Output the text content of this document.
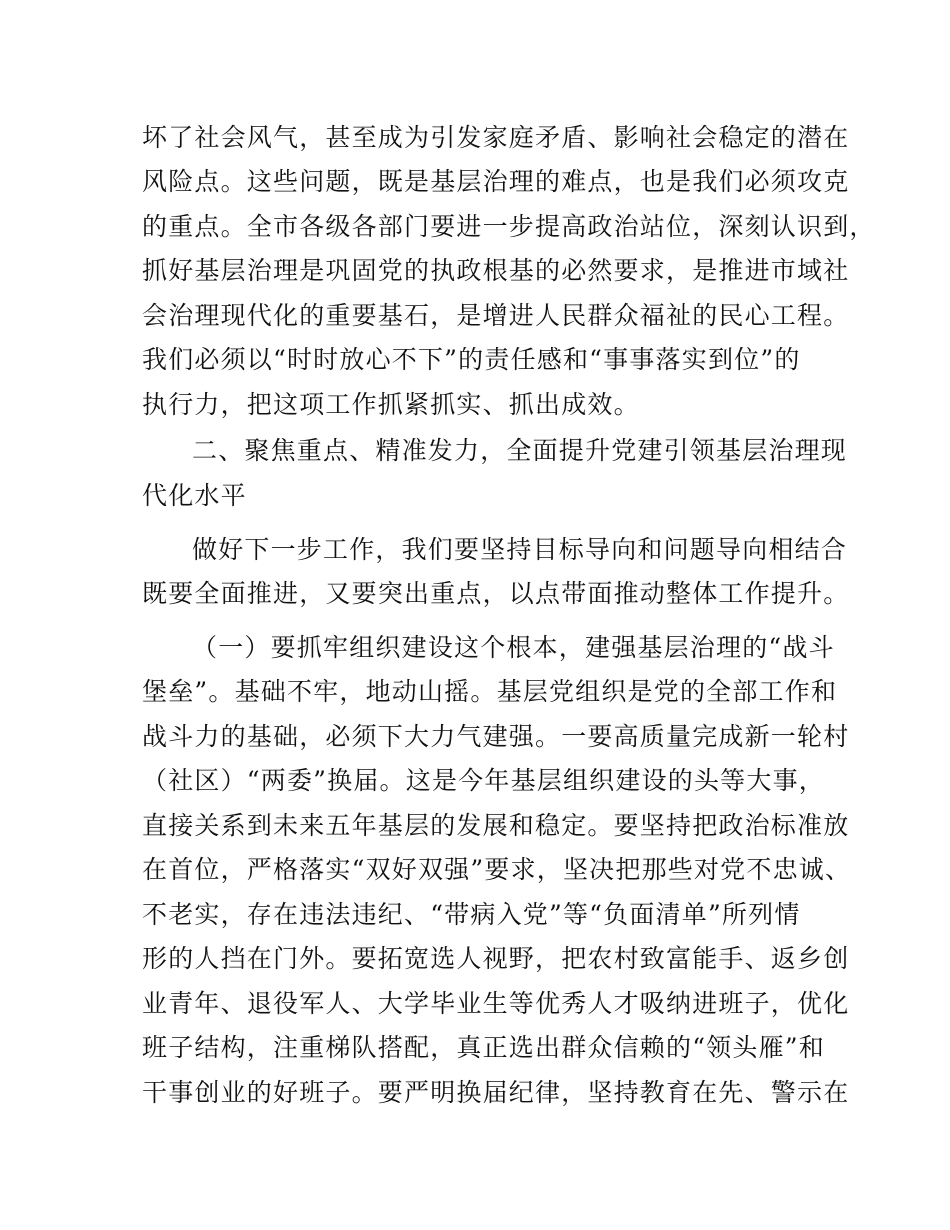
坏了社会风气，甚至成为引发家庭矛盾、影响社会稳定的潜在
风险点。这些问题，既是基层治理的难点，也是我们必须攻克
的重点。全市各级各部门要进一步提高政治站位，深刻认识到，
抓好基层治理是巩固党的执政根基的必然要求，是推进市域社
会治理现代化的重要基石，是增进人民群众福祉的民心工程。
我们必须以“时时放心不下”的责任感和“事事落实到位”的
执行力，把这项工作抓紧抓实、抓出成效。
二、聚焦重点、精准发力，全面提升党建引领基层治理现
代化水平
做好下一步工作，我们要坚持目标导向和问题导向相结合
既要全面推进，又要突出重点，以点带面推动整体工作提升。
（一）要抓牢组织建设这个根本，建强基层治理的“战斗
堡垒”。基础不牢，地动山摇。基层党组织是党的全部工作和
战斗力的基础，必须下大力气建强。一要高质量完成新一轮村
（社区）“两委”换届。这是今年基层组织建设的头等大事，
直接关系到未来五年基层的发展和稳定。要坚持把政治标准放
在首位，严格落实“双好双强”要求，坚决把那些对党不忠诚、
不老实，存在违法违纪、“带病入党”等“负面清单”所列情
形的人挡在门外。要拓宽选人视野，把农村致富能手、返乡创
业青年、退役军人、大学毕业生等优秀人才吸纳进班子，优化
班子结构，注重梯队搭配，真正选出群众信赖的“领头雁”和
干事创业的好班子。要严明换届纪律，坚持教育在先、警示在
